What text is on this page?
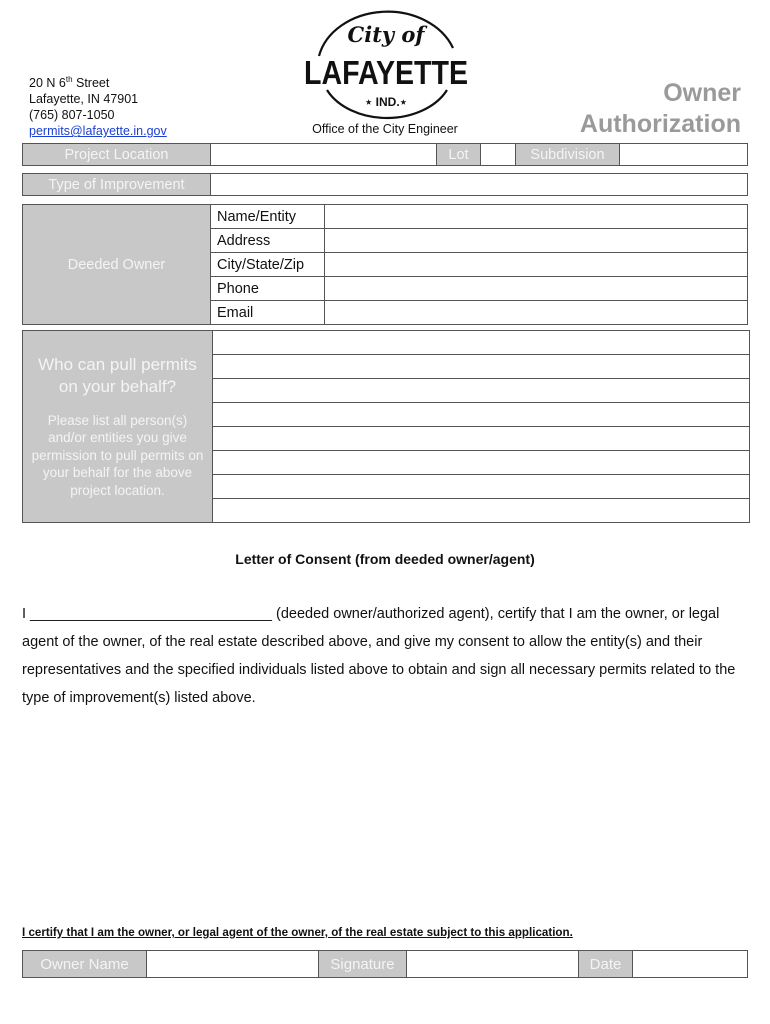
20 N 6th Street
Lafayette, IN 47901
(765) 807-1050
permits@lafayette.in.gov
City of
LAFAYETTE
⋆ IND.⋆
Office of the City Engineer
Owner
Authorization
Project Location		Lot		Subdivision	
Type of Improvement	
Deeded Owner	Name/Entity	
	Address	
	City/State/Zip	
	Phone	
	Email	
Who can pull permits on your behalf?
Please list all person(s) and/or entities you give permission to pull permits on your behalf for the above project location.

Letter of Consent (from deeded owner/agent)
I ______________________________ (deeded owner/authorized agent), certify that I am the owner, or legal agent of the owner, of the real estate described above, and give my consent to allow the entity(s) and their representatives and the specified individuals listed above to obtain and sign all necessary permits related to the type of improvement(s) listed above.
I certify that I am the owner, or legal agent of the owner, of the real estate subject to this application.
Owner Name		Signature		Date	
